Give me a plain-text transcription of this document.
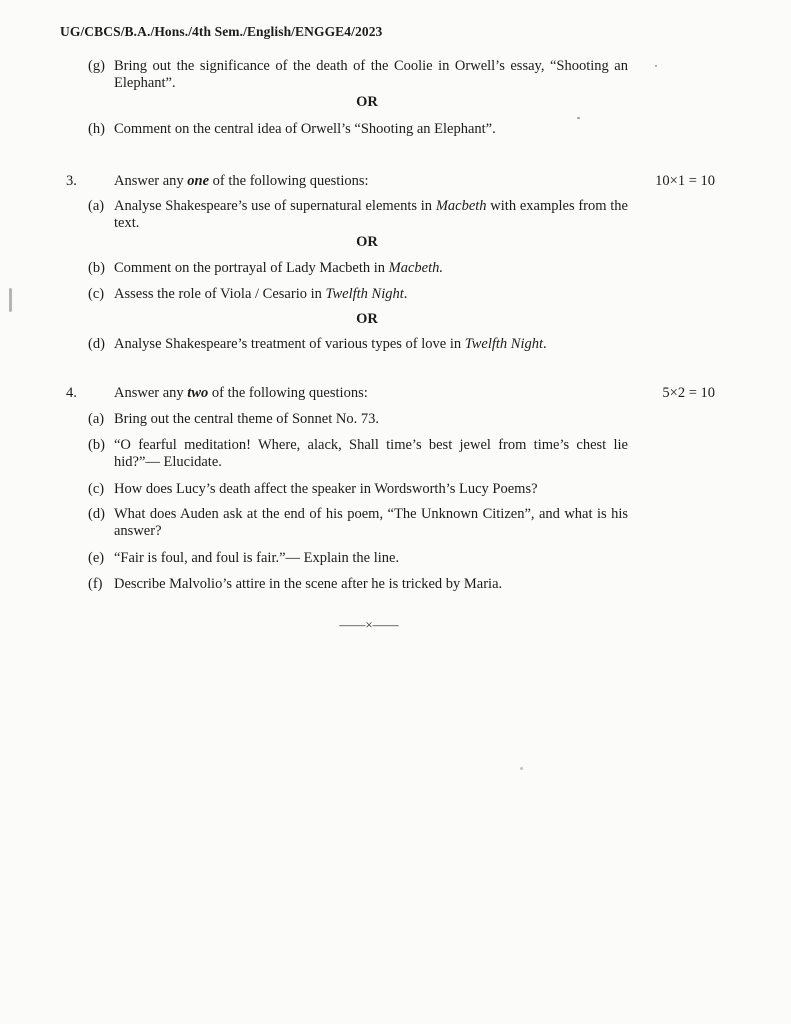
UG/CBCS/B.A./Hons./4th Sem./English/ENGGE4/2023
(g) Bring out the significance of the death of the Coolie in Orwell’s essay, “Shooting an Elephant”.
OR
(h) Comment on the central idea of Orwell’s “Shooting an Elephant”.
3.	Answer any one of the following questions:	10×1 = 10
(a) Analyse Shakespeare’s use of supernatural elements in Macbeth with examples from the text.
OR
(b) Comment on the portrayal of Lady Macbeth in Macbeth.
(c) Assess the role of Viola / Cesario in Twelfth Night.
OR
(d) Analyse Shakespeare’s treatment of various types of love in Twelfth Night.
4.	Answer any two of the following questions:	5×2 = 10
(a) Bring out the central theme of Sonnet No. 73.
(b) “O fearful meditation! Where, alack, Shall time’s best jewel from time’s chest lie hid?”— Elucidate.
(c) How does Lucy’s death affect the speaker in Wordsworth’s Lucy Poems?
(d) What does Auden ask at the end of his poem, “The Unknown Citizen”, and what is his answer?
(e) “Fair is foul, and foul is fair.”— Explain the line.
(f) Describe Malvolio’s attire in the scene after he is tricked by Maria.
——×——
